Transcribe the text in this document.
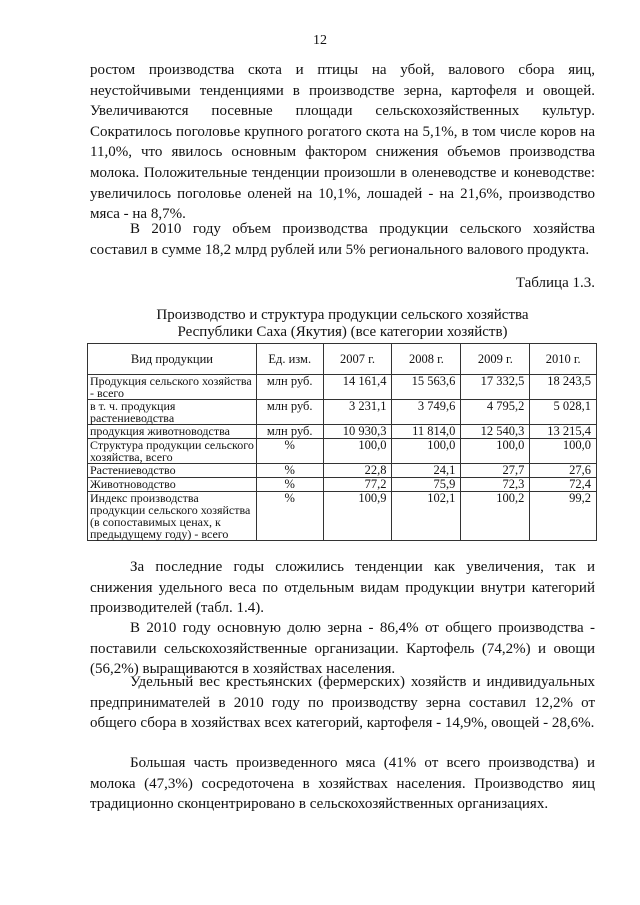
12

ростом производства скота и птицы на убой, валового сбора яиц, неустойчивыми тенденциями в производстве зерна, картофеля и овощей. Увеличиваются посевные площади сельскохозяйственных культур. Сократилось поголовье крупного рогатого скота на 5,1%, в том числе коров на 11,0%, что явилось основным фактором снижения объемов производства молока. Положительные тенденции произошли в оленеводстве и коневодстве: увеличилось поголовье оленей на 10,1%, лошадей - на 21,6%, производство мяса - на 8,7%.

В 2010 году объем производства продукции сельского хозяйства составил в сумме 18,2 млрд рублей или 5% регионального валового продукта.

Таблица 1.3.
Производство и структура продукции сельского хозяйства
Республики Саха (Якутия) (все категории хозяйств)
Вид продукции	Ед. изм.	2007 г.	2008 г.	2009 г.	2010 г.
Продукция сельского хозяйства - всего	млн руб.	14 161,4	15 563,6	17 332,5	18 243,5
в т. ч. продукция растениеводства	млн руб.	3 231,1	3 749,6	4 795,2	5 028,1
продукция животноводства	млн руб.	10 930,3	11 814,0	12 540,3	13 215,4
Структура продукции сельского хозяйства, всего	%	100,0	100,0	100,0	100,0
Растениеводство	%	22,8	24,1	27,7	27,6
Животноводство	%	77,2	75,9	72,3	72,4
Индекс производства продукции сельского хозяйства (в сопоставимых ценах, к предыдущему году) - всего	%	100,9	102,1	100,2	99,2

За последние годы сложились тенденции как увеличения, так и снижения удельного веса по отдельным видам продукции внутри категорий производителей (табл. 1.4).

В 2010 году основную долю зерна - 86,4% от общего производства - поставили сельскохозяйственные организации. Картофель (74,2%) и овощи (56,2%) выращиваются в хозяйствах населения.

Удельный вес крестьянских (фермерских) хозяйств и индивидуальных предпринимателей в 2010 году по производству зерна составил 12,2% от общего сбора в хозяйствах всех категорий, картофеля - 14,9%, овощей - 28,6%.

Большая часть произведенного мяса (41% от всего производства) и молока (47,3%) сосредоточена в хозяйствах населения. Производство яиц традиционно сконцентрировано в сельскохозяйственных организациях.
